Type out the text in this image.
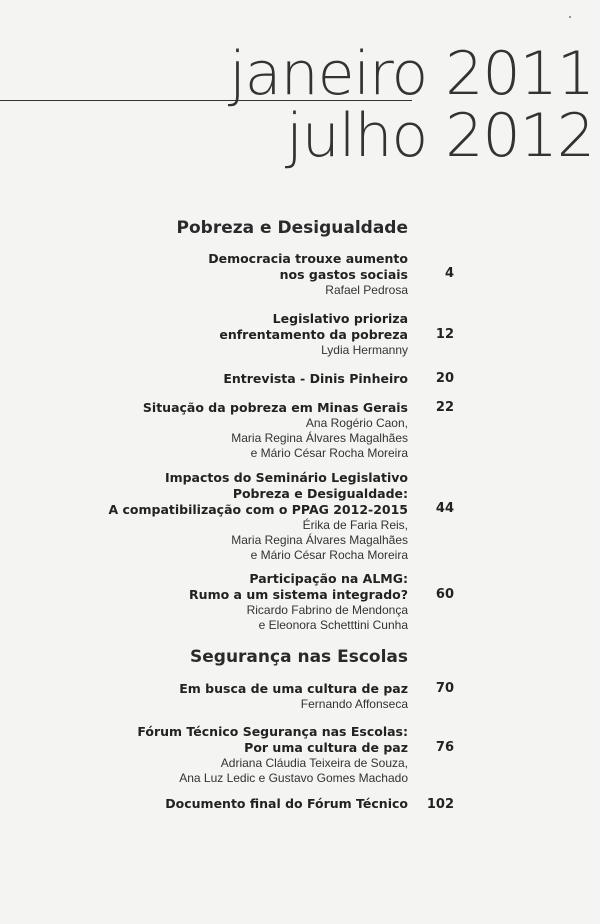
janeiro 2011
julho 2012
Pobreza e Desigualdade
Democracia trouxe aumento
nos gastos sociais
Rafael Pedrosa
4
Legislativo prioriza
enfrentamento da pobreza
Lydia Hermanny
12
Entrevista - Dinis Pinheiro 20
Situação da pobreza em Minas Gerais
Ana Rogério Caon,
Maria Regina Álvares Magalhães
e Mário César Rocha Moreira
22
Impactos do Seminário Legislativo
Pobreza e Desigualdade:
A compatibilização com o PPAG 2012-2015
Érika de Faria Reis,
Maria Regina Álvares Magalhães
e Mário César Rocha Moreira
44
Participação na ALMG:
Rumo a um sistema integrado?
Ricardo Fabrino de Mendonça
e Eleonora Schetttini Cunha
60
Segurança nas Escolas
Em busca de uma cultura de paz
Fernando Affonseca
70
Fórum Técnico Segurança nas Escolas:
Por uma cultura de paz
Adriana Cláudia Teixeira de Souza,
Ana Luz Ledic e Gustavo Gomes Machado
76
Documento final do Fórum Técnico 102
